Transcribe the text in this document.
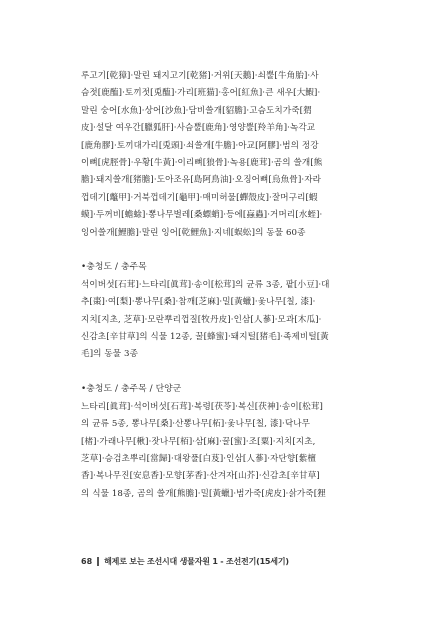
루고기[乾獐]·말린 돼지고기[乾猪]·거위[天鵝]·쇠뿔[牛角胎]·사

슴젓[鹿醢]·토끼젓[兎醢]·가리[班猫]·홍어[紅魚]·큰 새우[大鰕]·

말린 숭어[水魚]·상어[沙魚]·담비쓸개[貂膽]·고슴도치가죽[猬

皮]·설달 여우간[臘狐肝]·사슴뿔[鹿角]·영양뿔[羚羊角]·녹각교

[鹿角膠]·토끼대가리[兎頭]·쇠쓸개[牛膽]·아교[阿膠]·범의 정강

이뼈[虎脛骨]·우황[牛黃]·이리뼈[狼骨]·녹용[鹿茸]·곰의 쓸개[熊

膽]·돼지쓸개[猪膽]·도아조유[島阿鳥油]·오징어뼈[烏魚骨]·자라

껍데기[鼈甲]·거북껍데기[龜甲]·매미허물[蟬殼皮]·잘머구리[蝦

蟆]·두꺼비[蟾蜍]·뽕나무벌레[桑螵蛸]·등에[蝱蟲]·거머리[水蛭]·

잉어쓸개[鯉膽]·말린 잉어[乾鯉魚]·지네[蜈蚣]의 동물 60종

•충청도 / 충주목

석이버섯[石茸]·느타리[眞茸]·송이[松茸]의 균류 3종, 팥[小豆]·대

추[棗]·여[梨]·뽕나무[桑]·참깨[芝麻]·밀[黃蠟]·옻나무[칠, 漆]·

지치[지초, 芝草]·모란뿌리껍질[牧丹皮]·인삼[人蔘]·모과[木瓜]·

신감초[辛甘草]의 식물 12종, 꿀[蜂蜜]·돼지털[猪毛]·족제비털[黃

毛]의 동물 3종

•충청도 / 충주목 / 단양군

느타리[眞茸]·석이버섯[石茸]·복령[茯苓]·복신[茯神]·송이[松茸]

의 균류 5종, 뽕나무[桑]·산뽕나무[柘]·옻나무[칠, 漆]·닥나무

[楮]·가래나무[楸]·잣나무[栢]·삼[麻]·꿀[蜜]·조[粟]·지치[지초,

芝草]·승검초뿌리[當歸]·대왕풀[白芨]·인삼[人蔘]·자단향[紫檀

香]·복나무진[安息香]·모향[茅香]·산겨자[山芥]·신감초[辛甘草]

의 식물 18종, 곰의 쓸개[熊膽]·밀[黃蠟]·범가죽[虎皮]·삵가죽[狸

68 해제로 보는 조선시대 생물자원 1 - 조선전기(15세기)
